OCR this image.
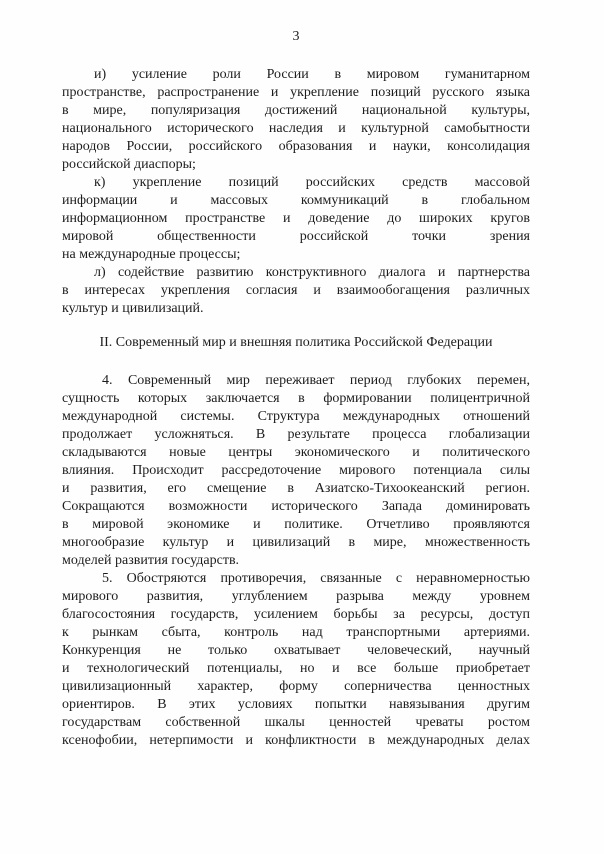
3
и) усиление роли России в мировом гуманитарном
пространстве, распространение и укрепление позиций русского языка
в мире, популяризация достижений национальной культуры,
национального исторического наследия и культурной самобытности
народов России, российского образования и науки, консолидация
российской диаспоры;
к) укрепление позиций российских средств массовой
информации и массовых коммуникаций в глобальном
информационном пространстве и доведение до широких кругов
мировой общественности российской точки зрения
на международные процессы;
л) содействие развитию конструктивного диалога и партнерства
в интересах укрепления согласия и взаимообогащения различных
культур и цивилизаций.
II. Современный мир и внешняя политика Российской Федерации
4. Современный мир переживает период глубоких перемен,
сущность которых заключается в формировании полицентричной
международной системы. Структура международных отношений
продолжает усложняться. В результате процесса глобализации
складываются новые центры экономического и политического
влияния. Происходит рассредоточение мирового потенциала силы
и развития, его смещение в Азиатско-Тихоокеанский регион.
Сокращаются возможности исторического Запада доминировать
в мировой экономике и политике. Отчетливо проявляются
многообразие культур и цивилизаций в мире, множественность
моделей развития государств.
5. Обостряются противоречия, связанные с неравномерностью
мирового развития, углублением разрыва между уровнем
благосостояния государств, усилением борьбы за ресурсы, доступ
к рынкам сбыта, контроль над транспортными артериями.
Конкуренция не только охватывает человеческий, научный
и технологический потенциалы, но и все больше приобретает
цивилизационный характер, форму соперничества ценностных
ориентиров. В этих условиях попытки навязывания другим
государствам собственной шкалы ценностей чреваты ростом
ксенофобии, нетерпимости и конфликтности в международных делах
